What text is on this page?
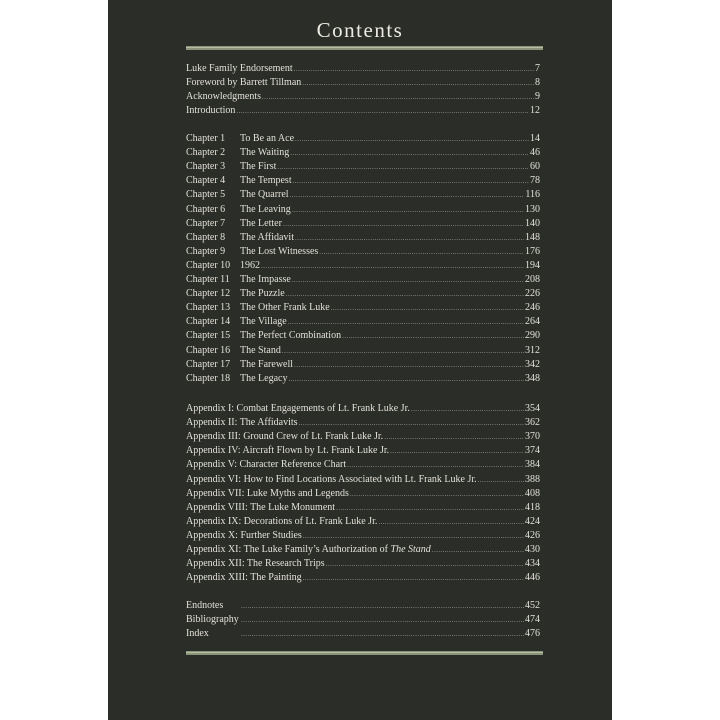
Contents
Luke Family Endorsement .....	7
Foreword by Barrett Tillman .....	8
Acknowledgments .....	9
Introduction .....	12
Chapter 1	To Be an Ace .....	14
Chapter 2	The Waiting .....	46
Chapter 3	The First .....	60
Chapter 4	The Tempest .....	78
Chapter 5	The Quarrel .....	116
Chapter 6	The Leaving .....	130
Chapter 7	The Letter .....	140
Chapter 8	The Affidavit .....	148
Chapter 9	The Lost Witnesses .....	176
Chapter 10 1962 .....	194
Chapter 11	The Impasse .....	208
Chapter 12 The Puzzle .....	226
Chapter 13 The Other Frank Luke .....	246
Chapter 14 The Village .....	264
Chapter 15 The Perfect Combination .....	290
Chapter 16 The Stand .....	312
Chapter 17 The Farewell .....	342
Chapter 18 The Legacy .....	348
Appendix I: Combat Engagements of Lt. Frank Luke Jr. .....	354
Appendix II: The Affidavits .....	362
Appendix III: Ground Crew of Lt. Frank Luke Jr. .....	370
Appendix IV: Aircraft Flown by Lt. Frank Luke Jr. .....	374
Appendix V: Character Reference Chart .....	384
Appendix VI: How to Find Locations Associated with Lt. Frank Luke Jr. .....	388
Appendix VII: Luke Myths and Legends .....	408
Appendix VIII: The Luke Monument .....	418
Appendix IX: Decorations of Lt. Frank Luke Jr. .....	424
Appendix X: Further Studies .....	426
Appendix XI: The Luke Family’s Authorization of The Stand .....	430
Appendix XII: The Research Trips .....	434
Appendix XIII: The Painting .....	446
Endnotes .....	452
Bibliography .....	474
Index .....	476
